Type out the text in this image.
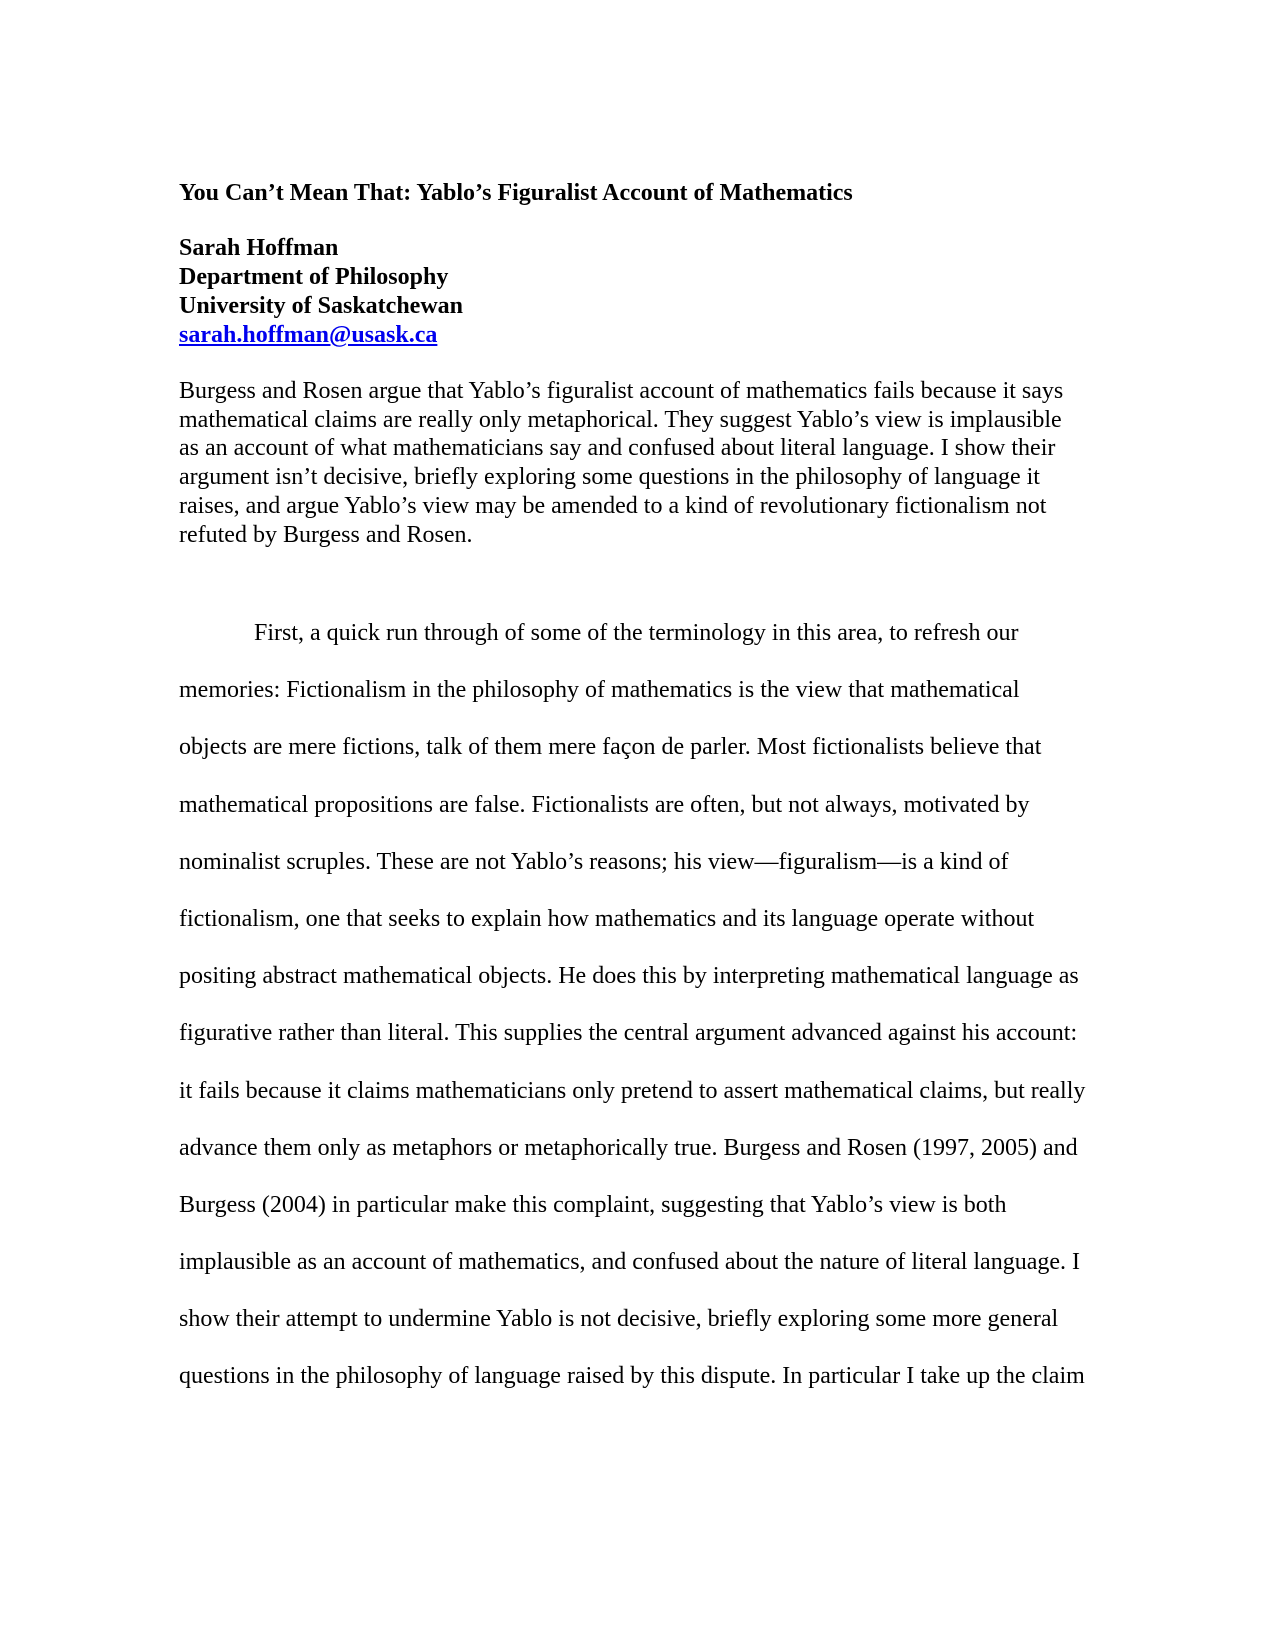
You Can’t Mean That: Yablo’s Figuralist Account of Mathematics
Sarah Hoffman
Department of Philosophy
University of Saskatchewan
sarah.hoffman@usask.ca
Burgess and Rosen argue that Yablo’s figuralist account of mathematics fails because it says
mathematical claims are really only metaphorical. They suggest Yablo’s view is implausible
as an account of what mathematicians say and confused about literal language. I show their
argument isn’t decisive, briefly exploring some questions in the philosophy of language it
raises, and argue Yablo’s view may be amended to a kind of revolutionary fictionalism not
refuted by Burgess and Rosen.
First, a quick run through of some of the terminology in this area, to refresh our
memories: Fictionalism in the philosophy of mathematics is the view that mathematical
objects are mere fictions, talk of them mere façon de parler. Most fictionalists believe that
mathematical propositions are false. Fictionalists are often, but not always, motivated by
nominalist scruples. These are not Yablo’s reasons; his view—figuralism—is a kind of
fictionalism, one that seeks to explain how mathematics and its language operate without
positing abstract mathematical objects. He does this by interpreting mathematical language as
figurative rather than literal. This supplies the central argument advanced against his account:
it fails because it claims mathematicians only pretend to assert mathematical claims, but really
advance them only as metaphors or metaphorically true. Burgess and Rosen (1997, 2005) and
Burgess (2004) in particular make this complaint, suggesting that Yablo’s view is both
implausible as an account of mathematics, and confused about the nature of literal language. I
show their attempt to undermine Yablo is not decisive, briefly exploring some more general
questions in the philosophy of language raised by this dispute. In particular I take up the claim
